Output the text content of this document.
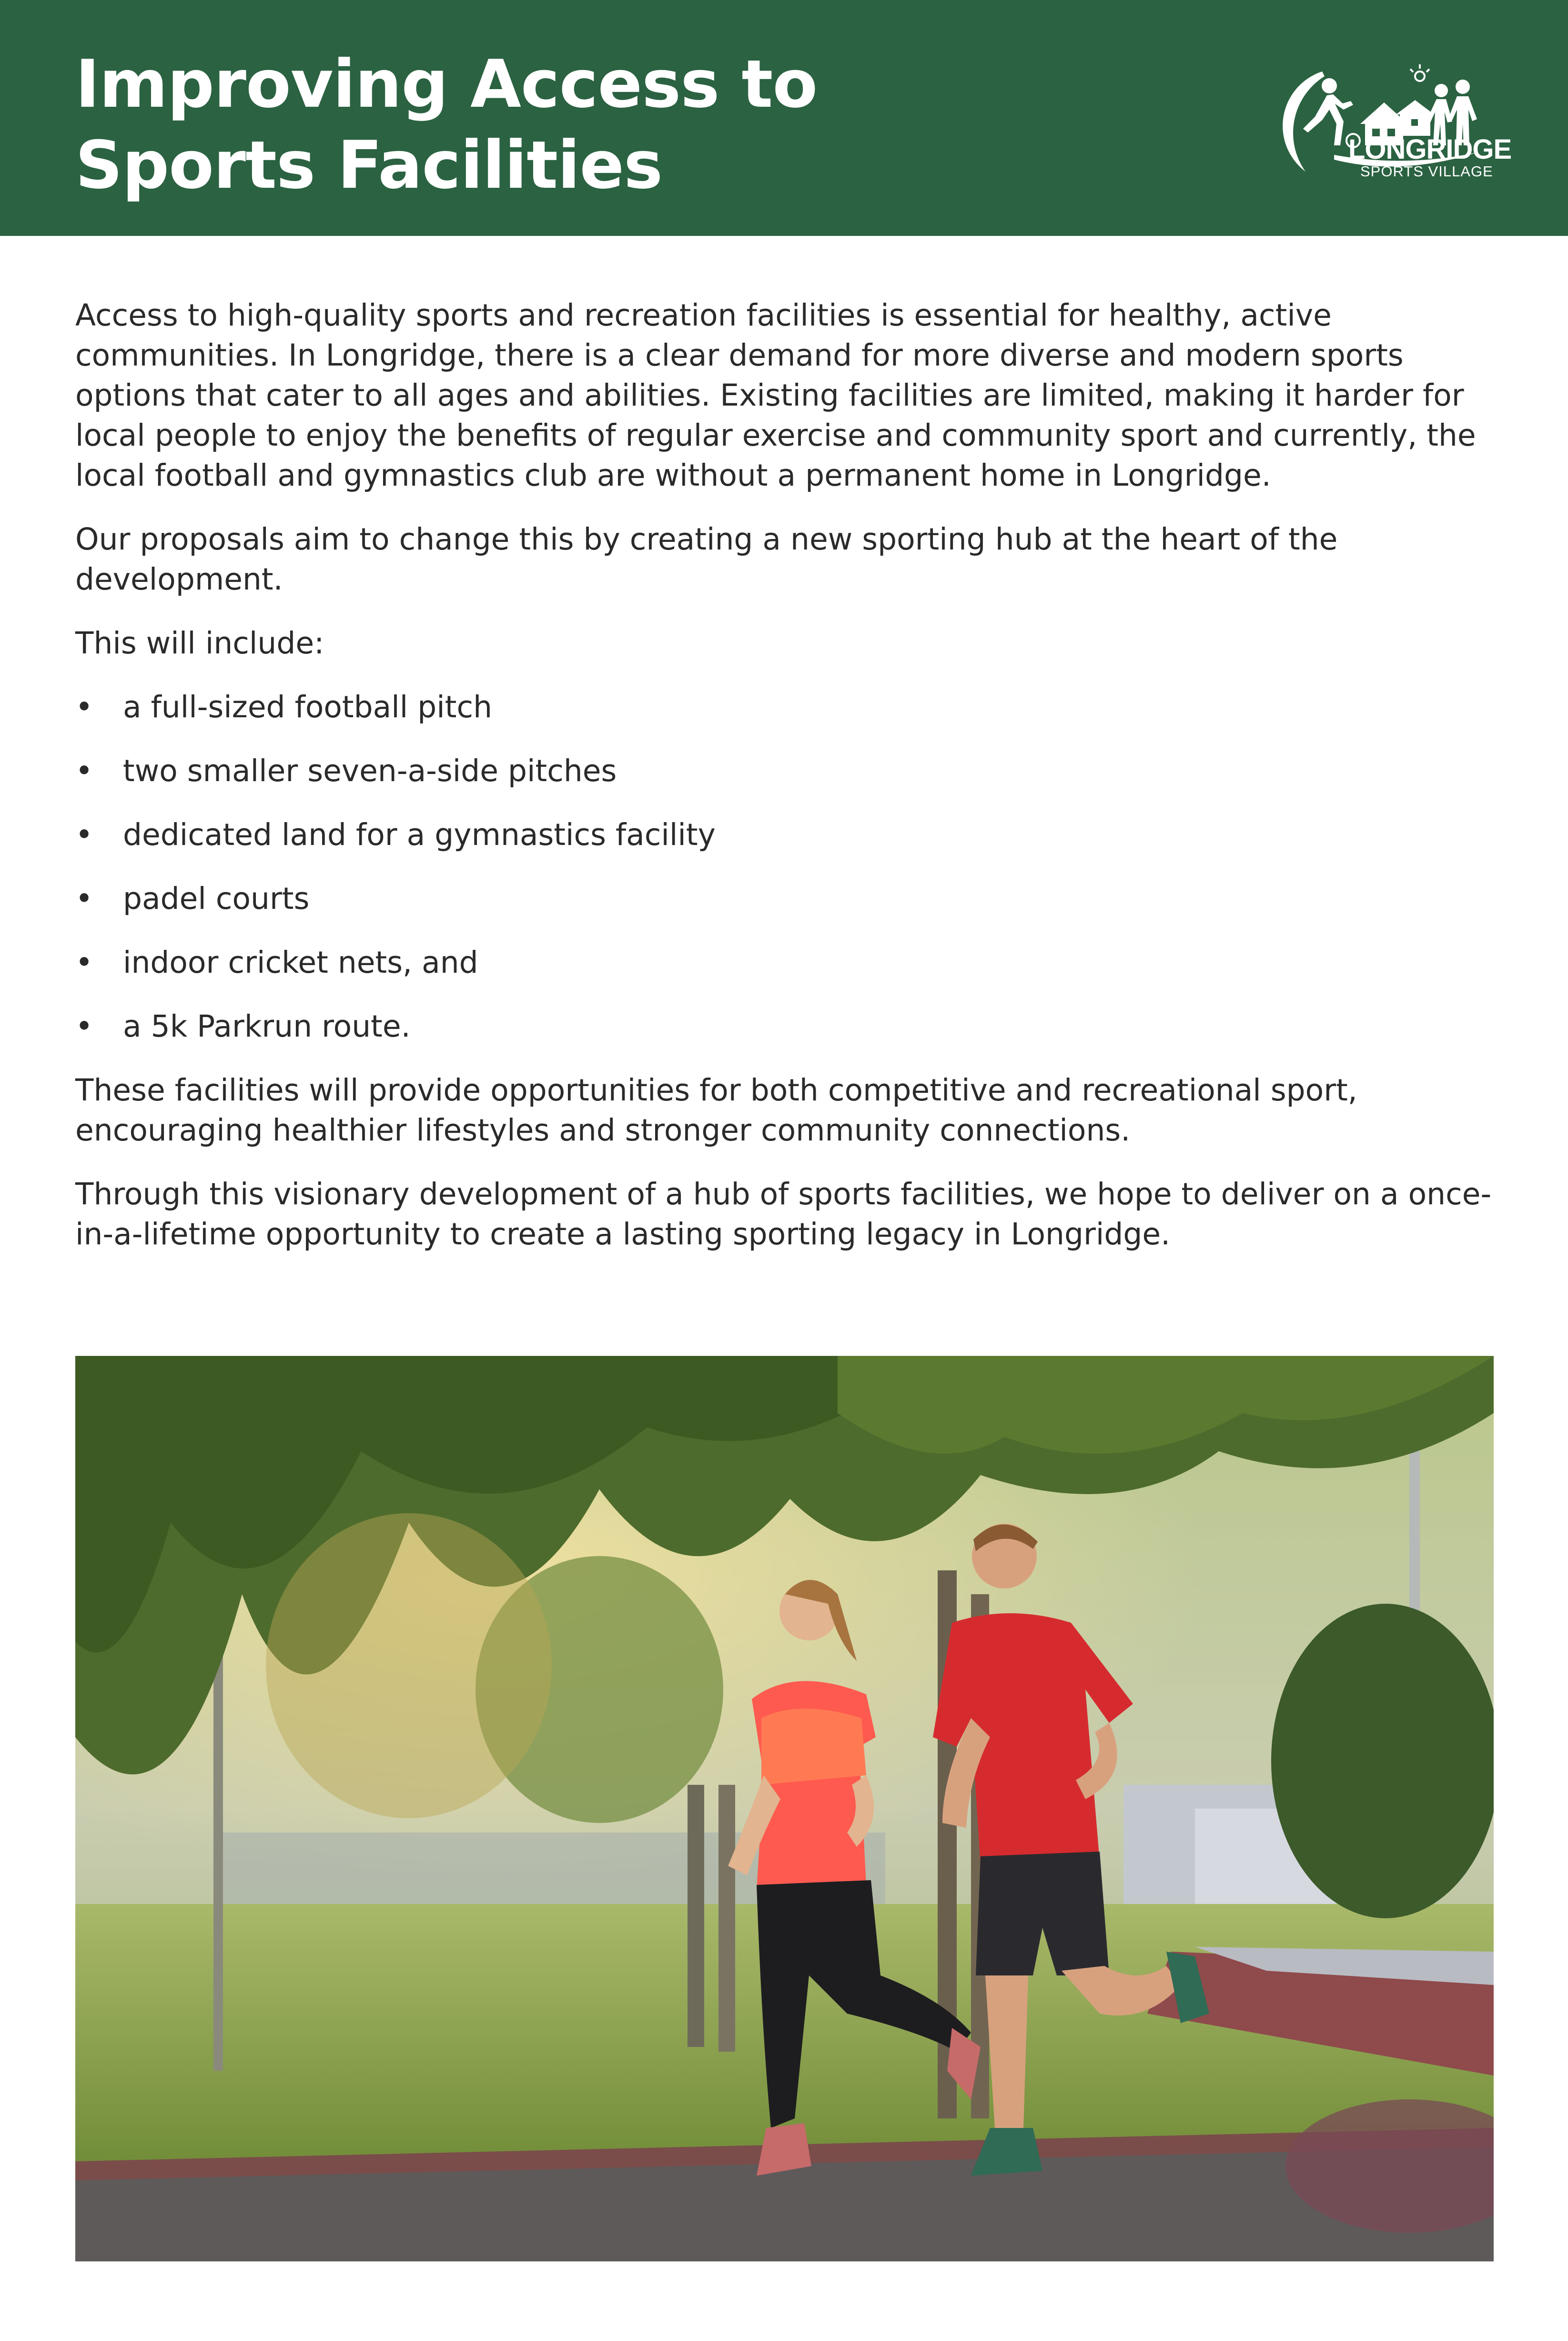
Improving Access to
Sports Facilities	LONGRIDGE
SPORTS VILLAGE

Access to high-quality sports and recreation facilities is essential for healthy, active communities. In Longridge, there is a clear demand for more diverse and modern sports options that cater to all ages and abilities. Existing facilities are limited, making it harder for local people to enjoy the benefits of regular exercise and community sport and currently, the local football and gymnastics club are without a permanent home in Longridge.

Our proposals aim to change this by creating a new sporting hub at the heart of the development.

This will include:

• a full-sized football pitch
• two smaller seven-a-side pitches
• dedicated land for a gymnastics facility
• padel courts
• indoor cricket nets, and
• a 5k Parkrun route.

These facilities will provide opportunities for both competitive and recreational sport, encouraging healthier lifestyles and stronger community connections.

Through this visionary development of a hub of sports facilities, we hope to deliver on a once-in-a-lifetime opportunity to create a lasting sporting legacy in Longridge.
